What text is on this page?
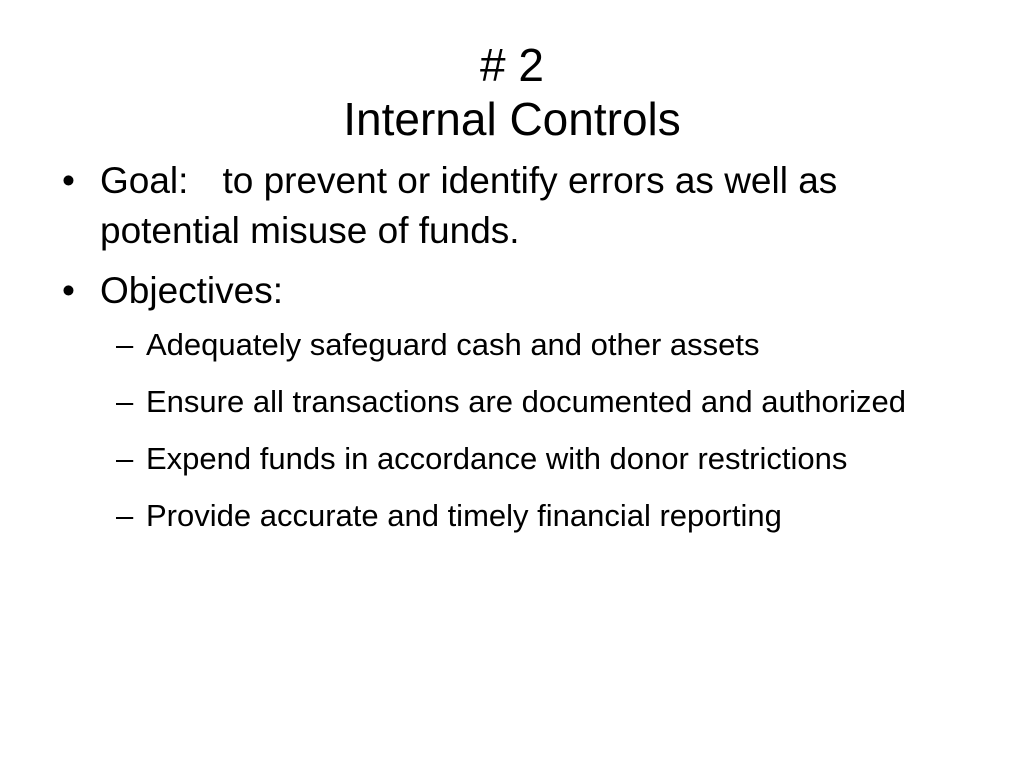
# 2
Internal Controls
• Goal: to prevent or identify errors as well as potential misuse of funds.
• Objectives:
– Adequately safeguard cash and other assets
– Ensure all transactions are documented and authorized
– Expend funds in accordance with donor restrictions
– Provide accurate and timely financial reporting
